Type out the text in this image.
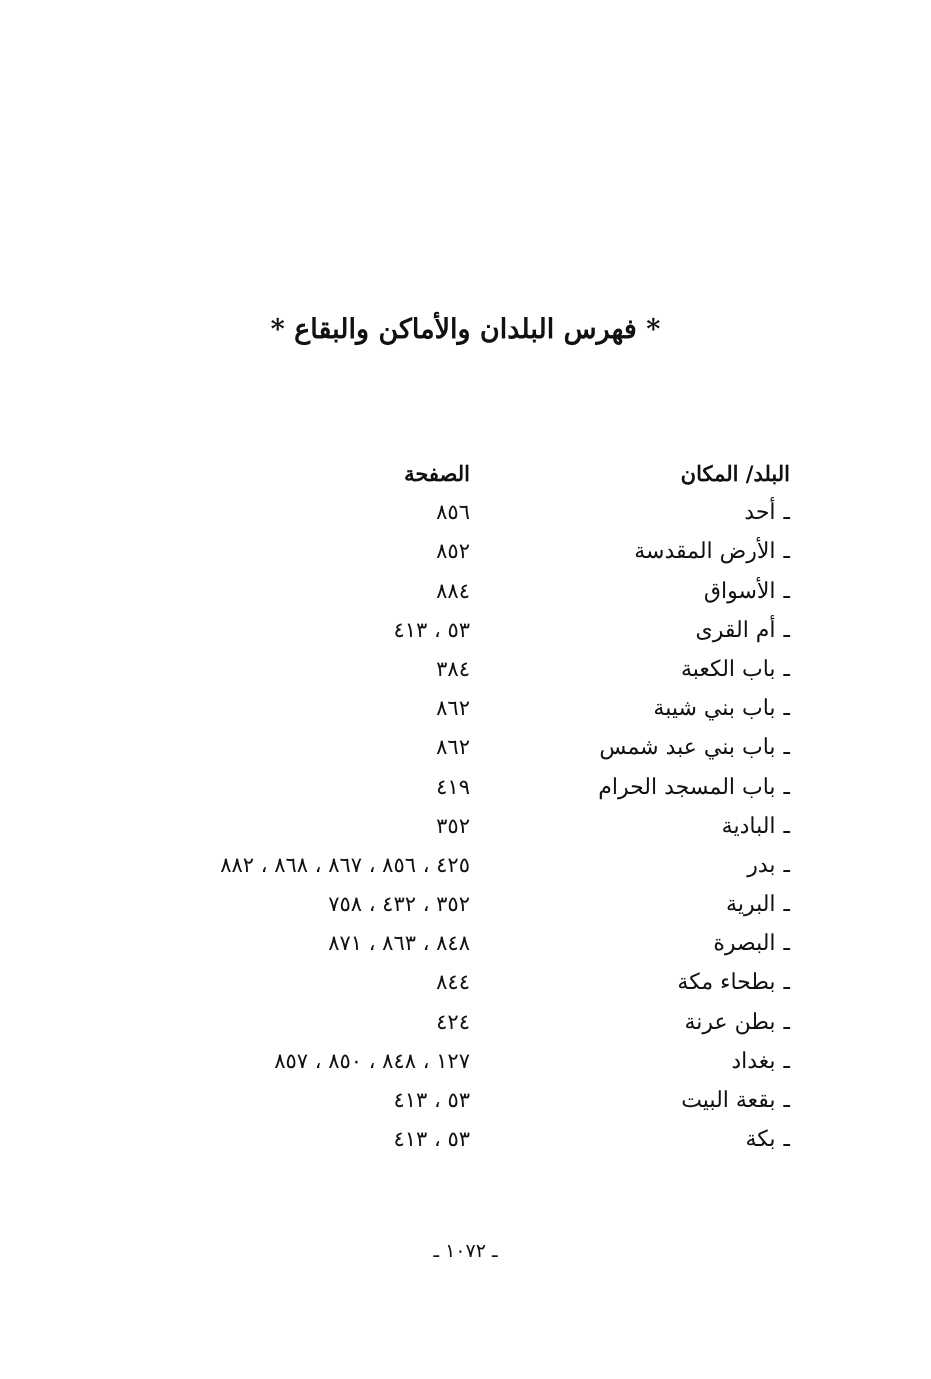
* فهرس البلدان والأماكن والبقاع *
البلد/ المكان
الصفحة
ـأحد
٨٥٦
ـالأرض المقدسة
٨٥٢
ـالأسواق
٨٨٤
ـأم القرى
٥٣ ، ٤١٣
ـباب الكعبة
٣٨٤
ـباب بني شيبة
٨٦٢
ـباب بني عبد شمس
٨٦٢
ـباب المسجد الحرام
٤١٩
ـالبادية
٣٥٢
ـبدر
٤٢٥ ، ٨٥٦ ، ٨٦٧ ، ٨٦٨ ، ٨٨٢
ـالبرية
٣٥٢ ، ٤٣٢ ، ٧٥٨
ـالبصرة
٨٤٨ ، ٨٦٣ ، ٨٧١
ـبطحاء مكة
٨٤٤
ـبطن عرنة
٤٢٤
ـبغداد
١٢٧ ، ٨٤٨ ، ٨٥٠ ، ٨٥٧
ـبقعة البيت
٥٣ ، ٤١٣
ـبكة
٥٣ ، ٤١٣
ـ ١٠٧٢ ـ
